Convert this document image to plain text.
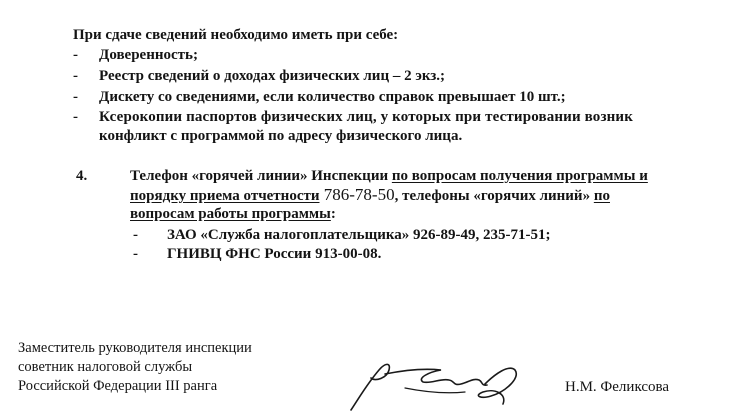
При сдаче сведений необходимо иметь при себе:
- Доверенность;
- Реестр сведений о доходах физических лиц – 2 экз.;
- Дискету со сведениями, если количество справок превышает 10 шт.;
- Ксерокопии паспортов физических лиц, у которых при тестировании возник
конфликт с программой по адресу физического лица.
4.	Телефон «горячей линии» Инспекции по вопросам получения программы и
порядку приема отчетности 786-78-50, телефоны «горячих линий» по
вопросам работы программы:
- ЗАО «Служба налогоплательщика» 926-89-49, 235-71-51;
- ГНИВЦ ФНС России 913-00-08.
Заместитель руководителя инспекции
советник налоговой службы
Российской Федерации III ранга	Н.М. Феликсова
